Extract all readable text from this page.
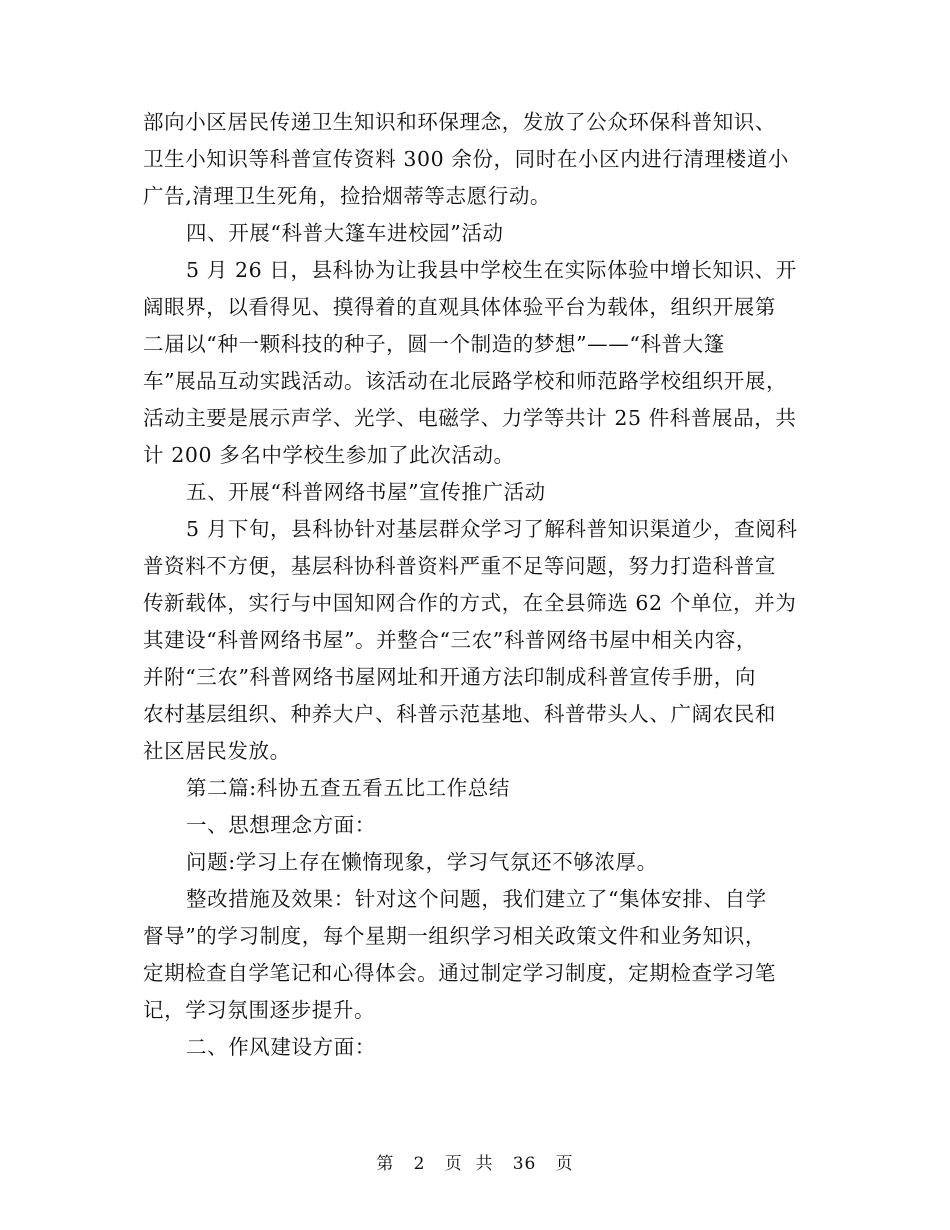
部向小区居民传递卫生知识和环保理念，发放了公众环保科普知识、
卫生小知识等科普宣传资料 300 余份，同时在小区内进行清理楼道小
广告,清理卫生死角，捡拾烟蒂等志愿行动。
四、开展“科普大篷车进校园”活动
5 月 26 日，县科协为让我县中学校生在实际体验中增长知识、开
阔眼界，以看得见、摸得着的直观具体体验平台为载体，组织开展第
二届以“种一颗科技的种子，圆一个制造的梦想”——“科普大篷
车”展品互动实践活动。该活动在北辰路学校和师范路学校组织开展，
活动主要是展示声学、光学、电磁学、力学等共计 25 件科普展品，共
计 200 多名中学校生参加了此次活动。
五、开展“科普网络书屋”宣传推广活动
5 月下旬，县科协针对基层群众学习了解科普知识渠道少，查阅科
普资料不方便，基层科协科普资料严重不足等问题，努力打造科普宣
传新载体，实行与中国知网合作的方式，在全县筛选 62 个单位，并为
其建设“科普网络书屋”。并整合“三农”科普网络书屋中相关内容，
并附“三农”科普网络书屋网址和开通方法印制成科普宣传手册，向
农村基层组织、种养大户、科普示范基地、科普带头人、广阔农民和
社区居民发放。
第二篇:科协五查五看五比工作总结
一、思想理念方面：
问题:学习上存在懒惰现象，学习气氛还不够浓厚。
整改措施及效果：针对这个问题，我们建立了“集体安排、自学
督导”的学习制度，每个星期一组织学习相关政策文件和业务知识，
定期检查自学笔记和心得体会。通过制定学习制度，定期检查学习笔
记，学习氛围逐步提升。
二、作风建设方面：
第 2 页  共 36 页
